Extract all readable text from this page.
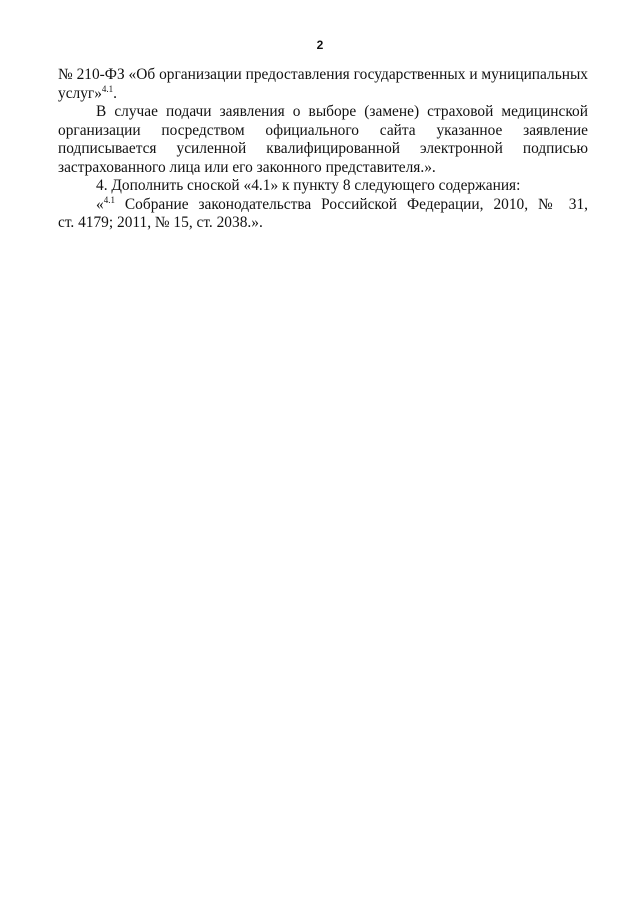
2

№ 210-ФЗ «Об организации предоставления государственных и муниципальных
услуг»$^{4.1}$.

В случае подачи заявления о выборе (замене) страховой медицинской
организации посредством официального сайта указанное заявление
подписывается усиленной квалифицированной электронной подписью
застрахованного лица или его законного представителя.».

4. Дополнить сноской «4.1» к пункту 8 следующего содержания:

«$^{4.1}$ Собрание законодательства Российской Федерации, 2010, № 31,
ст. 4179; 2011, № 15, ст. 2038.».
